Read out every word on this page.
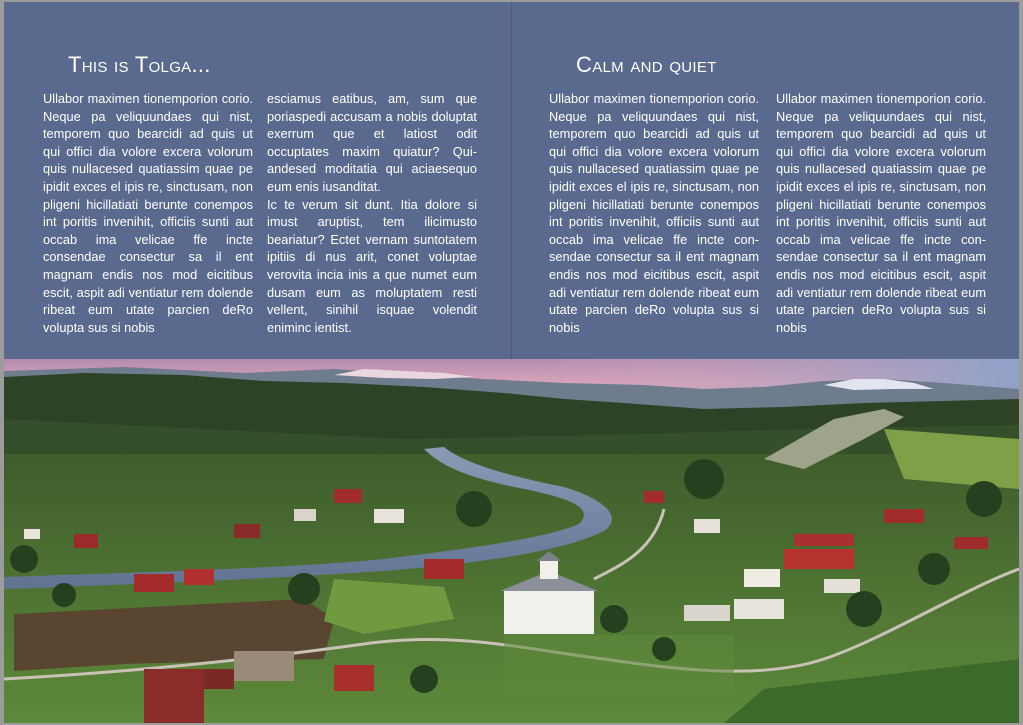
This is Tolga...

Ullabor maximen tionemporion corio. Neque pa veliquundaes qui nist, temporem quo bearcidi ad quis ut qui offici dia volore excera volorum quis nullacesed quatiassim quae pe ipidit exces el ipis re, sinctusam, non pligeni hicillatiati berunte conempos int poritis invenihit, officiis sunti aut occab ima velicae ffe incte consendae consectur sa il ent magnam endis nos mod eicitibus escit, aspit adi ventiatur rem dolende ribeat eum utate parcien deRo volupta sus si nobis

esciamus eatibus, am, sum que poriaspedi accusam a nobis doluptat exerrum que et latiost odit occuptates maxim quiatur? Quiandesed moditatia qui aciaesequo eum enis iusanditat.

Ic te verum sit dunt. Itia dolore si imust aruptist, tem ilicimusto beariatur? Ectet vernam suntotatem ipitiis di nus arit, conet voluptae verovita incia inis a que numet eum dusam eum as moluptatem resti vellent, sinihil isquae volendit eniminc ientist.

Calm and quiet

Ullabor maximen tionemporion corio. Neque pa veliquundaes qui nist, temporem quo bearcidi ad quis ut qui offici dia volore excera volorum quis nullacesed quatiassim quae pe ipidit exces el ipis re, sinctusam, non pligeni hicillatiati berunte conempos int poritis invenihit, officiis sunti aut occab ima velicae ffe incte consendae consectur sa il ent magnam endis nos mod eicitibus escit, aspit adi ventiatur rem dolende ribeat eum utate parcien deRo volupta sus si nobis

Ullabor maximen tionemporion corio. Neque pa veliquundaes qui nist, temporem quo bearcidi ad quis ut qui offici dia volore excera volorum quis nullacesed quatiassim quae pe ipidit exces el ipis re, sinctusam, non pligeni hicillatiati berunte conempos int poritis invenihit, officiis sunti aut occab ima velicae ffe incte consendae consectur sa il ent magnam endis nos mod eicitibus escit, aspit adi ventiatur rem dolende ribeat eum utate parcien deRo volupta sus si nobis
